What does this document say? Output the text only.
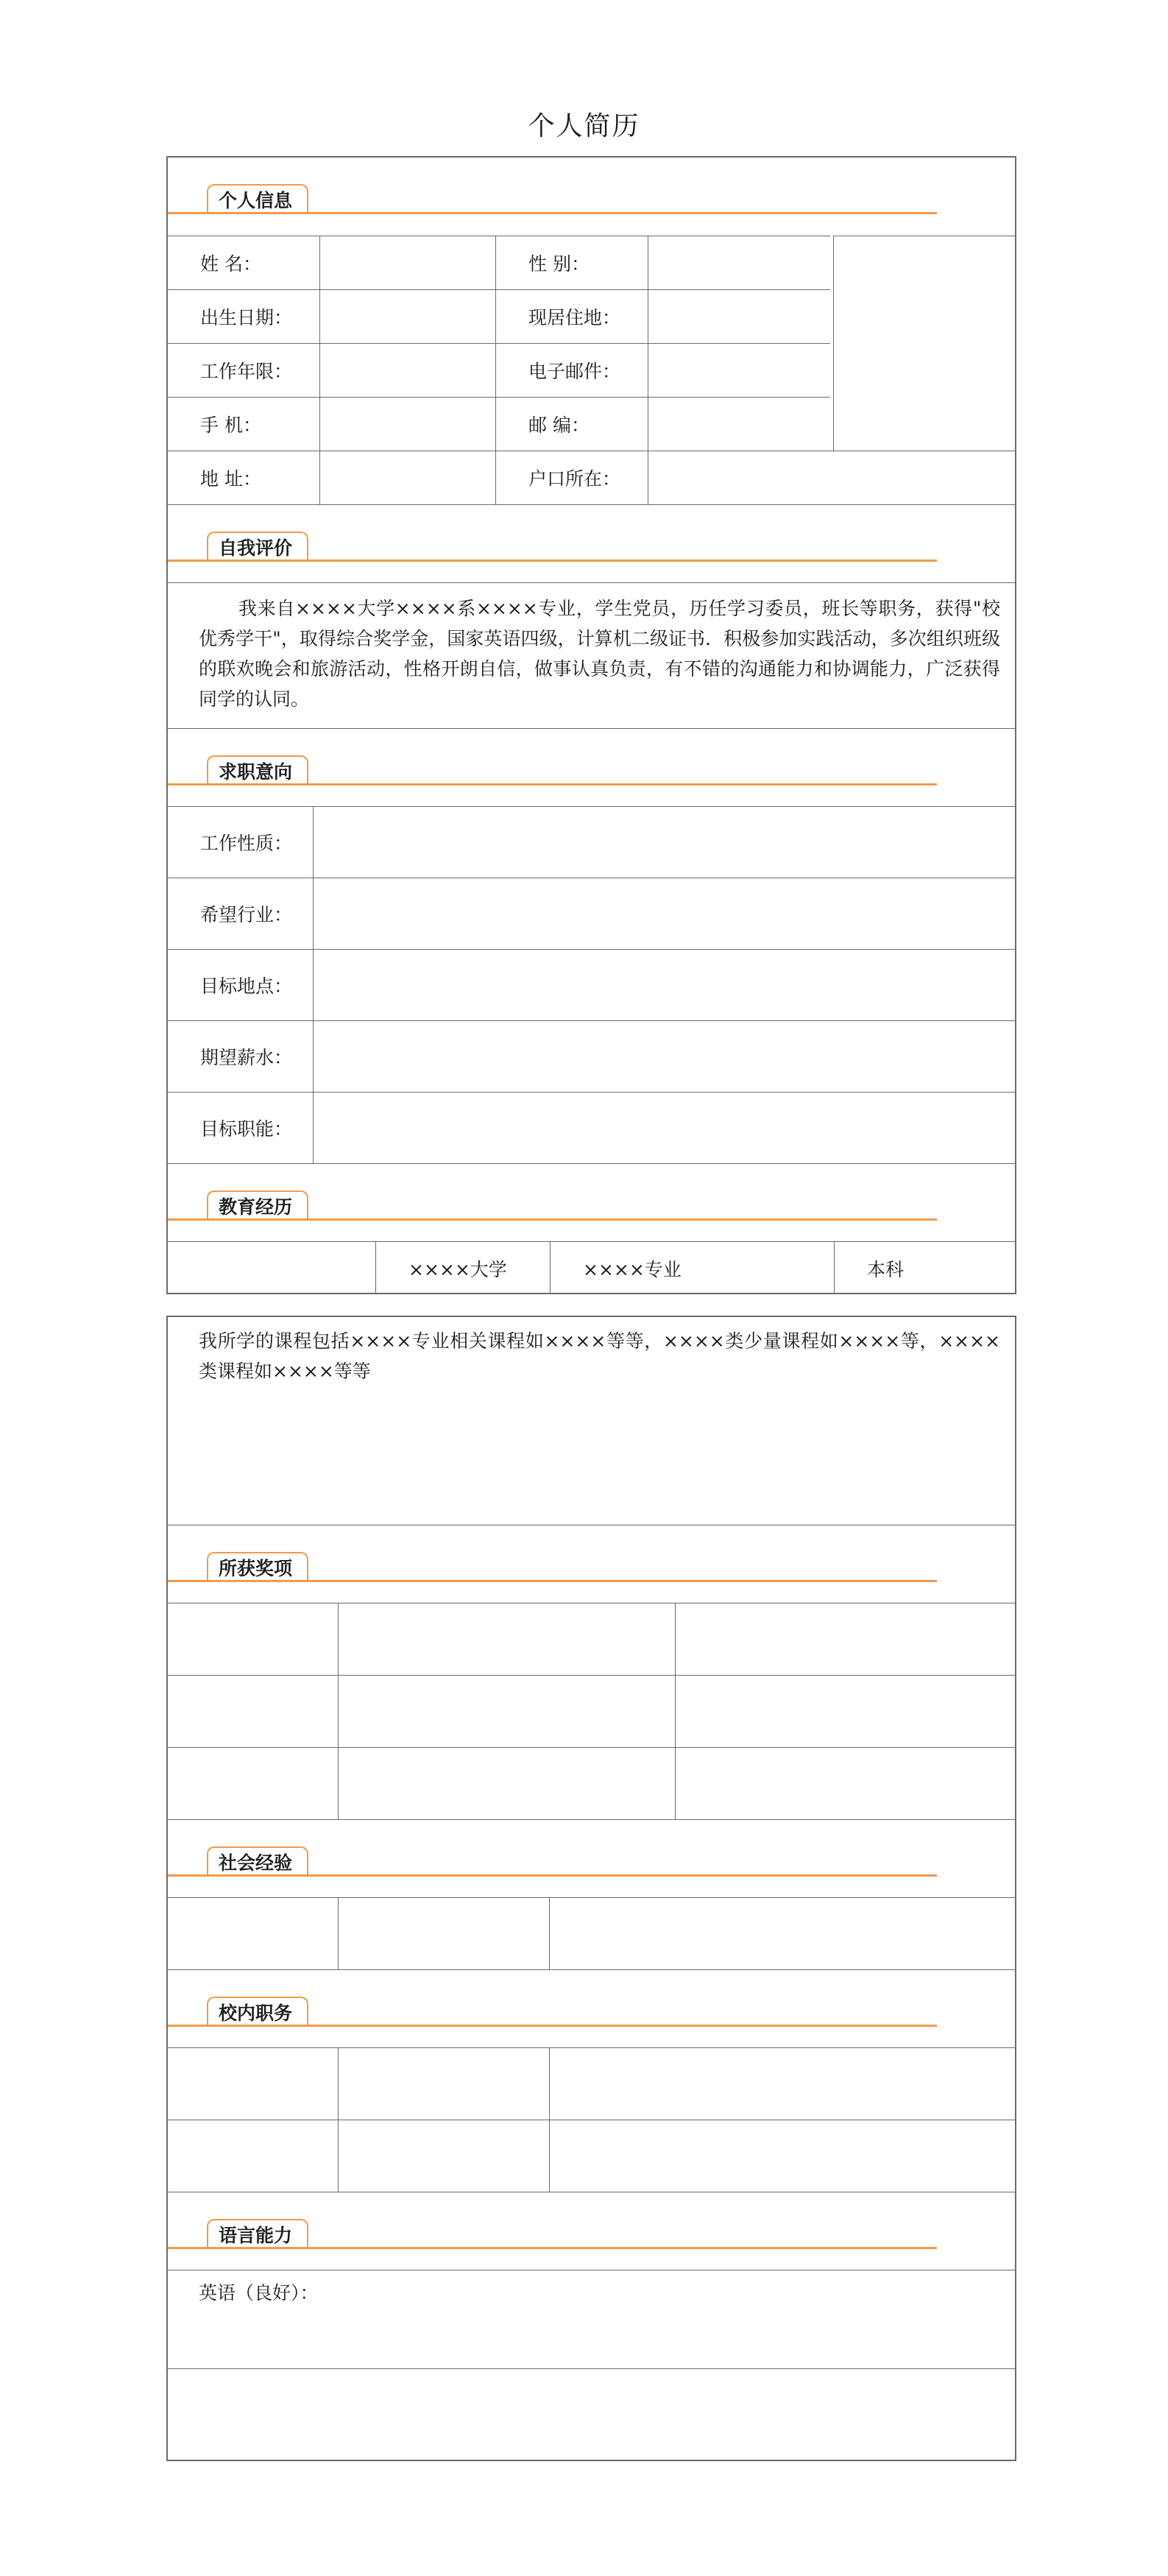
个人简历
个人信息
姓 名：	性 别：
出生日期：	现居住地：
工作年限：	电子邮件：
手 机：	邮 编：
地 址：	户口所在：
自我评价
我来自××××大学××××系××××专业，学生党员，历任学习委员，班长等职务，获得"校优秀学干"，取得综合奖学金，国家英语四级，计算机二级证书．积极参加实践活动，多次组织班级的联欢晚会和旅游活动，性格开朗自信，做事认真负责，有不错的沟通能力和协调能力，广泛获得同学的认同。
求职意向
工作性质：
希望行业：
目标地点：
期望薪水：
目标职能：
教育经历
××××大学	××××专业	本科
我所学的课程包括××××专业相关课程如××××等等，××××类少量课程如××××等，××××类课程如××××等等
所获奖项
社会经验
校内职务
语言能力
英语（良好）：
